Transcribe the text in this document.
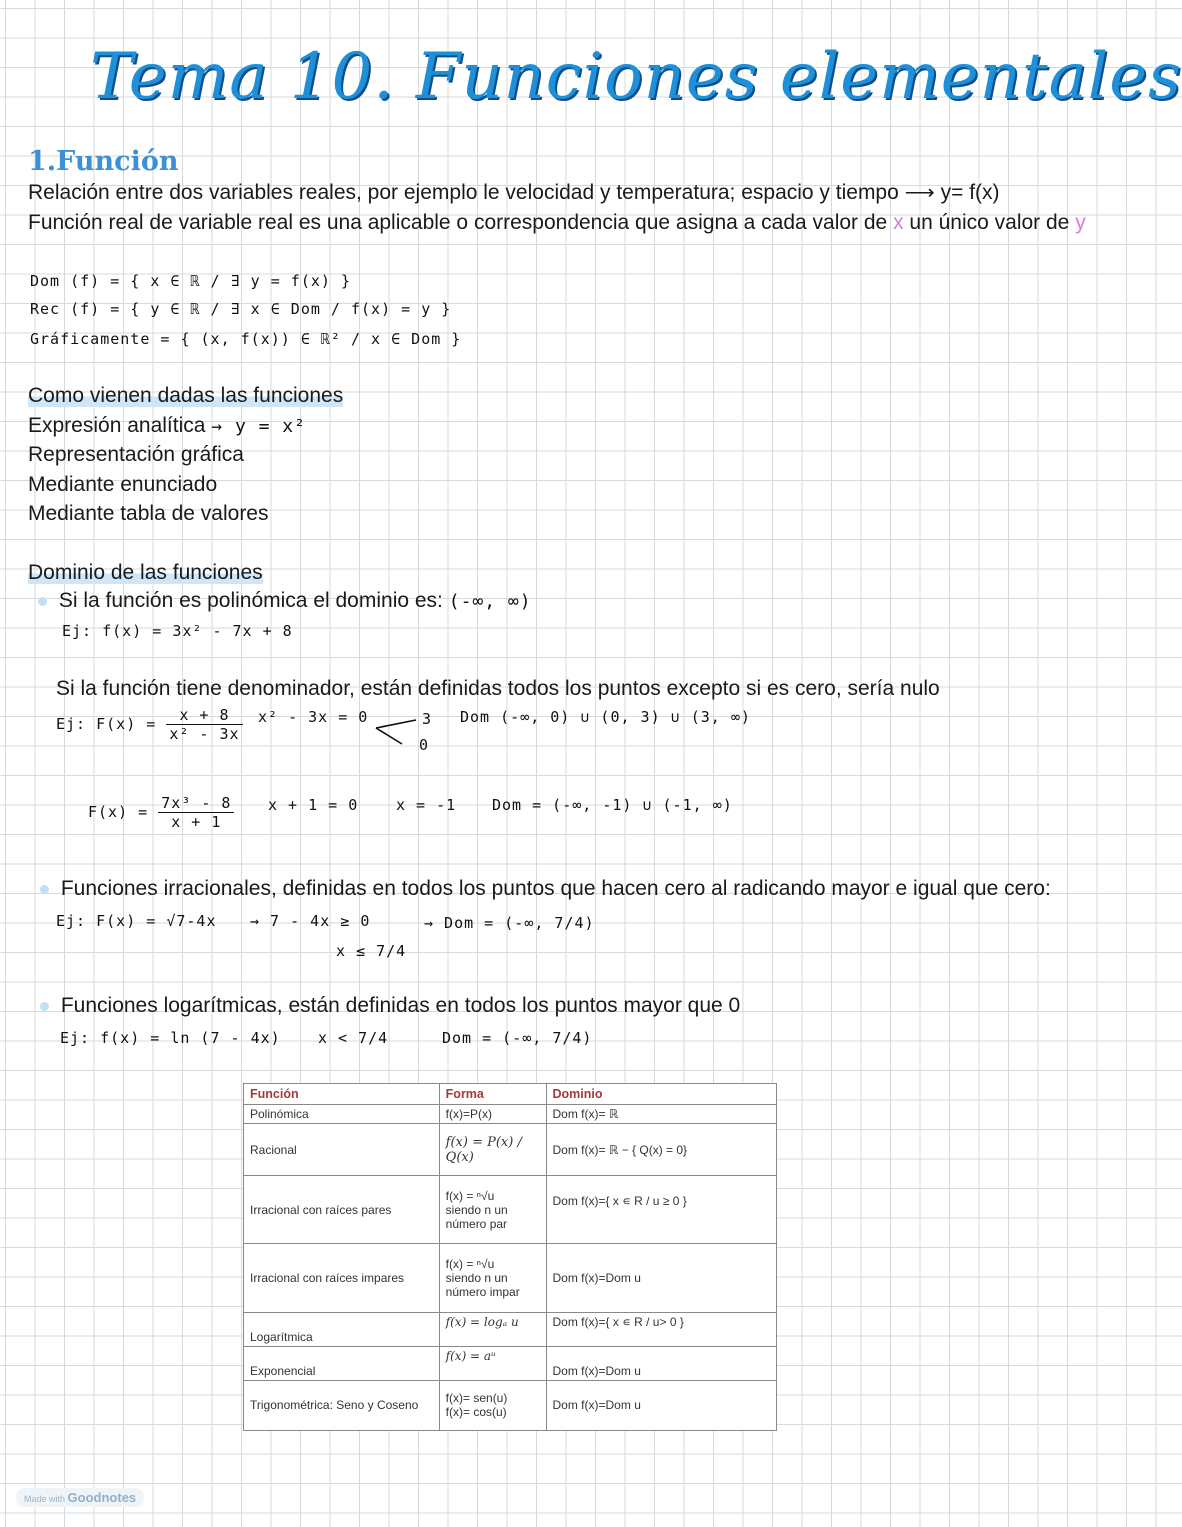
Tema 10. Funciones elementales
1.Función
Relación entre dos variables reales, por ejemplo le velocidad y temperatura; espacio y tiempo ⟶ y= f(x)
Función real de variable real es una aplicable o correspondencia que asigna a cada valor de x un único valor de y
Dom (f) = { x ∈ ℝ / ∃ y = f(x) }
Rec (f) = { y ∈ ℝ / ∃ x ∈ Dom / f(x) = y }
Gráficamente = { (x, f(x)) ∈ ℝ² / x ∈ Dom }
Como vienen dadas las funciones
Expresión analítica → y = x²
Representación gráfica
Mediante enunciado
Mediante tabla de valores
Dominio de las funciones
Si la función es polinómica el dominio es: (-∞, ∞)
Ej: f(x) = 3x² - 7x + 8
Si la función tiene denominador, están definidas todos los puntos excepto si es cero, sería nulo
Ej: $F(x) = \frac{x + 8}{\text{x² - 3x}} x^2 - 3x = 0$	3
0
Dom (-∞, 0) ∪ (0, 3) ∪ (3, ∞)
$F(x) = \frac{\text{7x³ - 8}}{x + 1}$ x + 1 = 0	x = -1 Dom = (-∞, -1) ∪ (-1, ∞)
Funciones irracionales, definidas en todos los puntos que hacen cero al radicando mayor e igual que cero:
Ej: F(x) = √7-4x → 7 - 4x ≥ 0	→ Dom = (-∞, 7/4)
x ≤ 7/4
Funciones logarítmicas, están definidas en todos los puntos mayor que 0
Ej: f(x) = ln (7 - 4x) x < 7/4	Dom = (-∞, 7/4)
Función	Forma	Dominio
Polinómica	f(x)=P(x)	Dom f(x)= ℝ
Racional	f(x) = P(x) / Q(x)	Dom f(x)= ℝ − { Q(x) = 0}
Irracional con raíces pares	f(x) = ⁿ√u
siendo n un número par	Dom f(x)={ x ∊ R / u ≥ 0 }
Irracional con raíces impares	f(x) = ⁿ√u
siendo n un número impar	Dom f(x)=Dom u
Logarítmica	f(x) = logₐ u	Dom f(x)={ x ∊ R / u> 0 }
Exponencial	f(x) = aᵘ	Dom f(x)=Dom u
Trigonométrica: Seno y Coseno	f(x)= sen(u)
f(x)= cos(u)	Dom f(x)=Dom u
Made with Goodnotes
